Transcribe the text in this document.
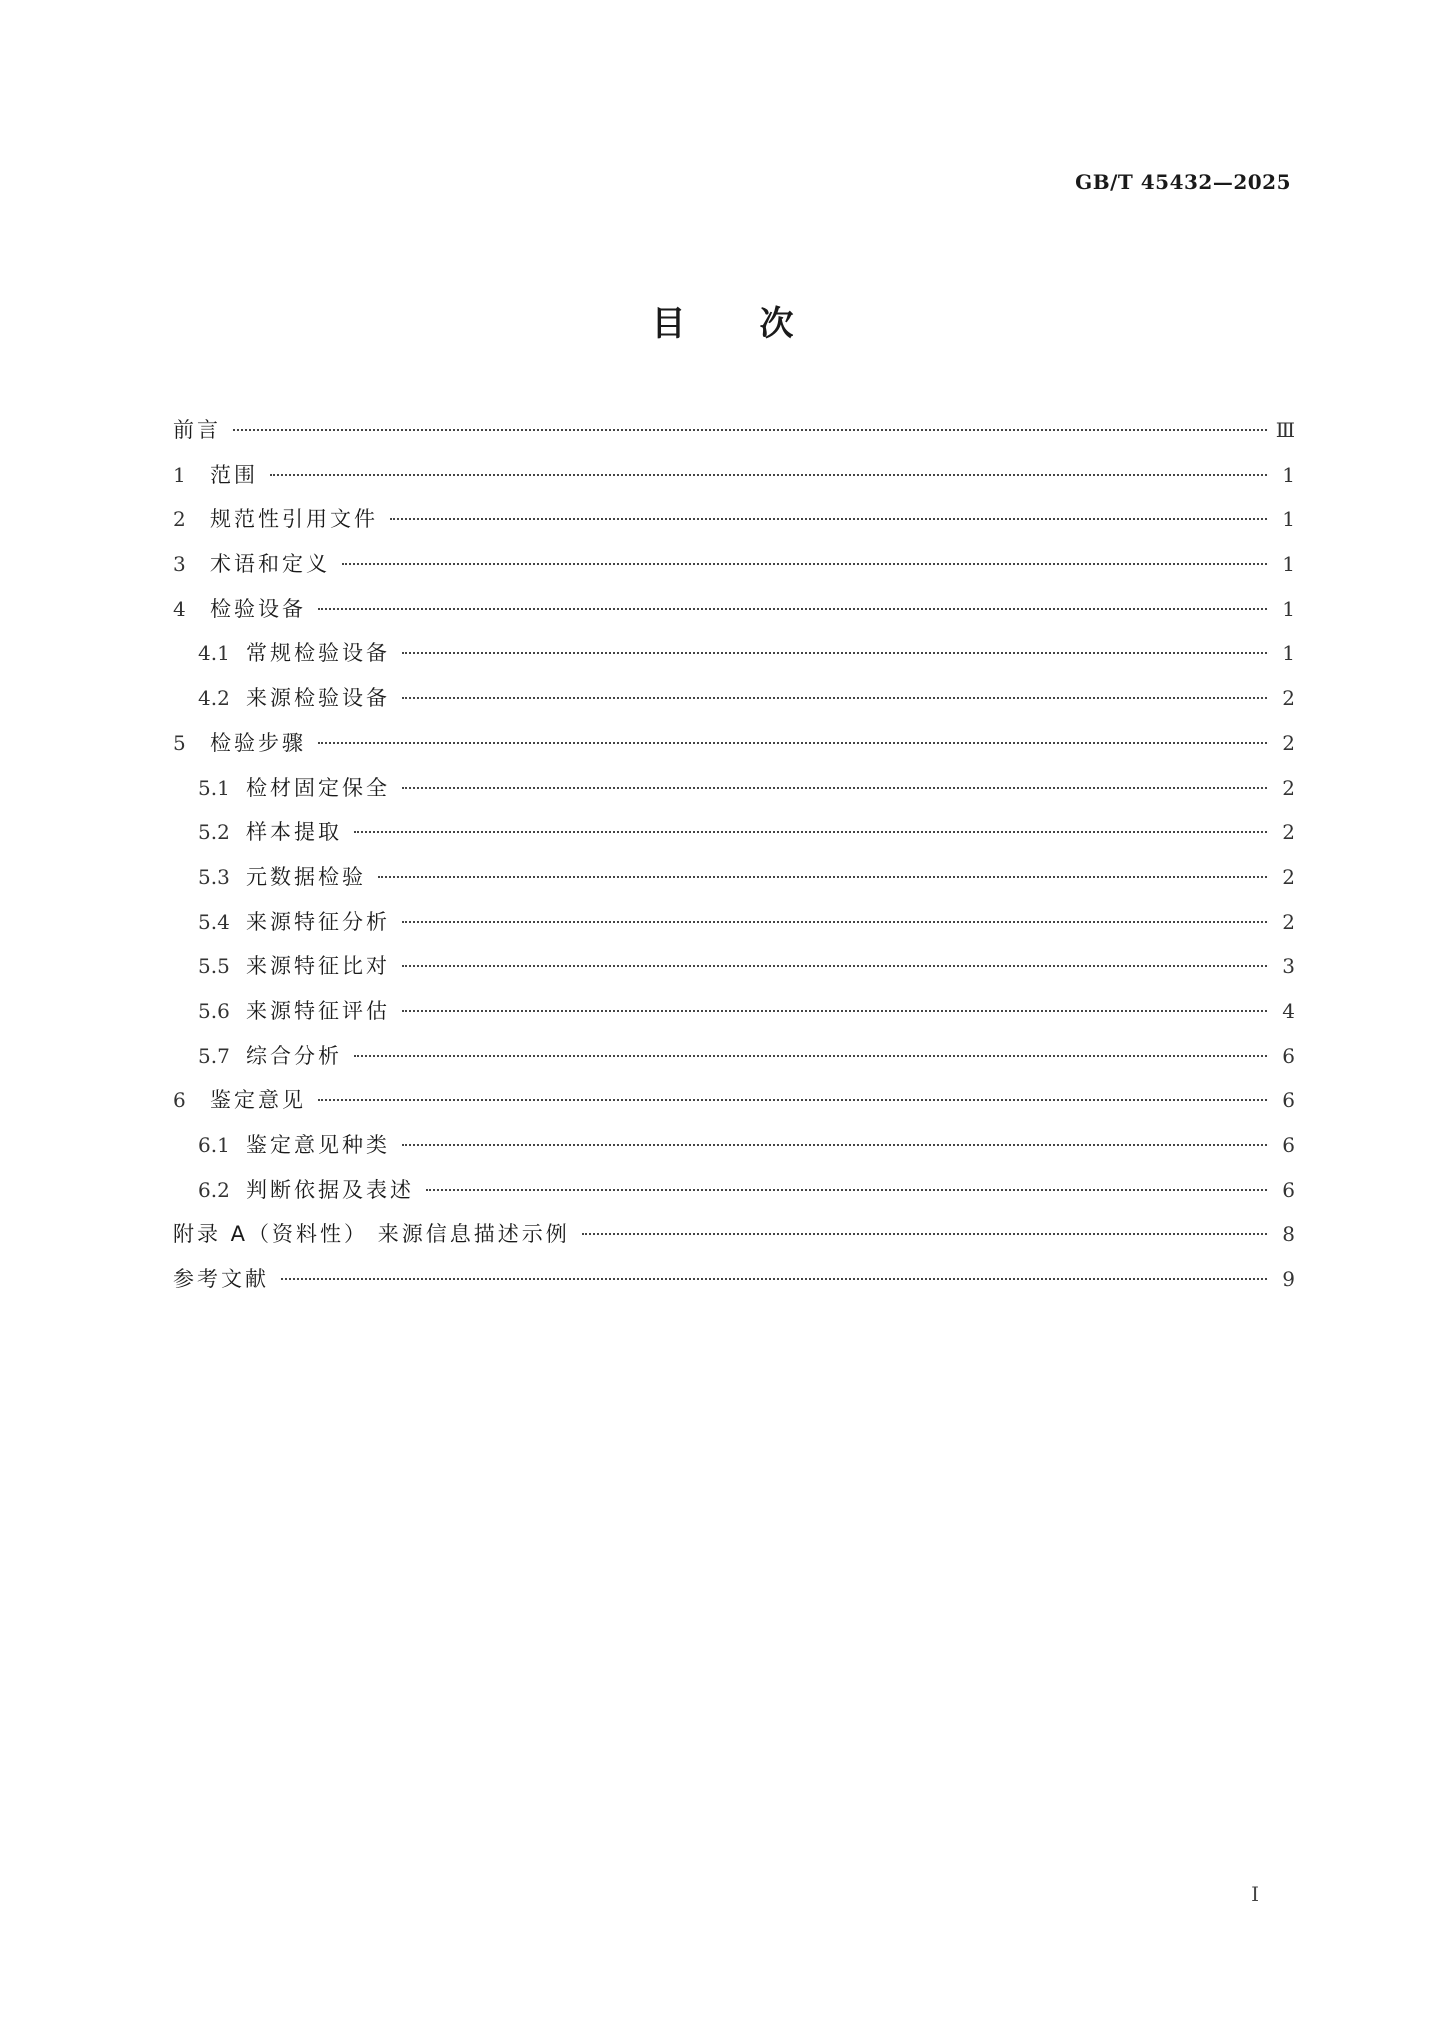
GB/T 45432—2025
目次
前言	Ⅲ
1	范围	1
2	规范性引用文件	1
3	术语和定义	1
4	检验设备	1
4.1 常规检验设备	1
4.2 来源检验设备	2
5	检验步骤	2
5.1 检材固定保全	2
5.2 样本提取	2
5.3 元数据检验	2
5.4 来源特征分析	2
5.5 来源特征比对	3
5.6 来源特征评估	4
5.7 综合分析	6
6	鉴定意见	6
6.1 鉴定意见种类	6
6.2 判断依据及表述	6
附录 A（资料性） 来源信息描述示例	8
参考文献	9
Ⅰ
